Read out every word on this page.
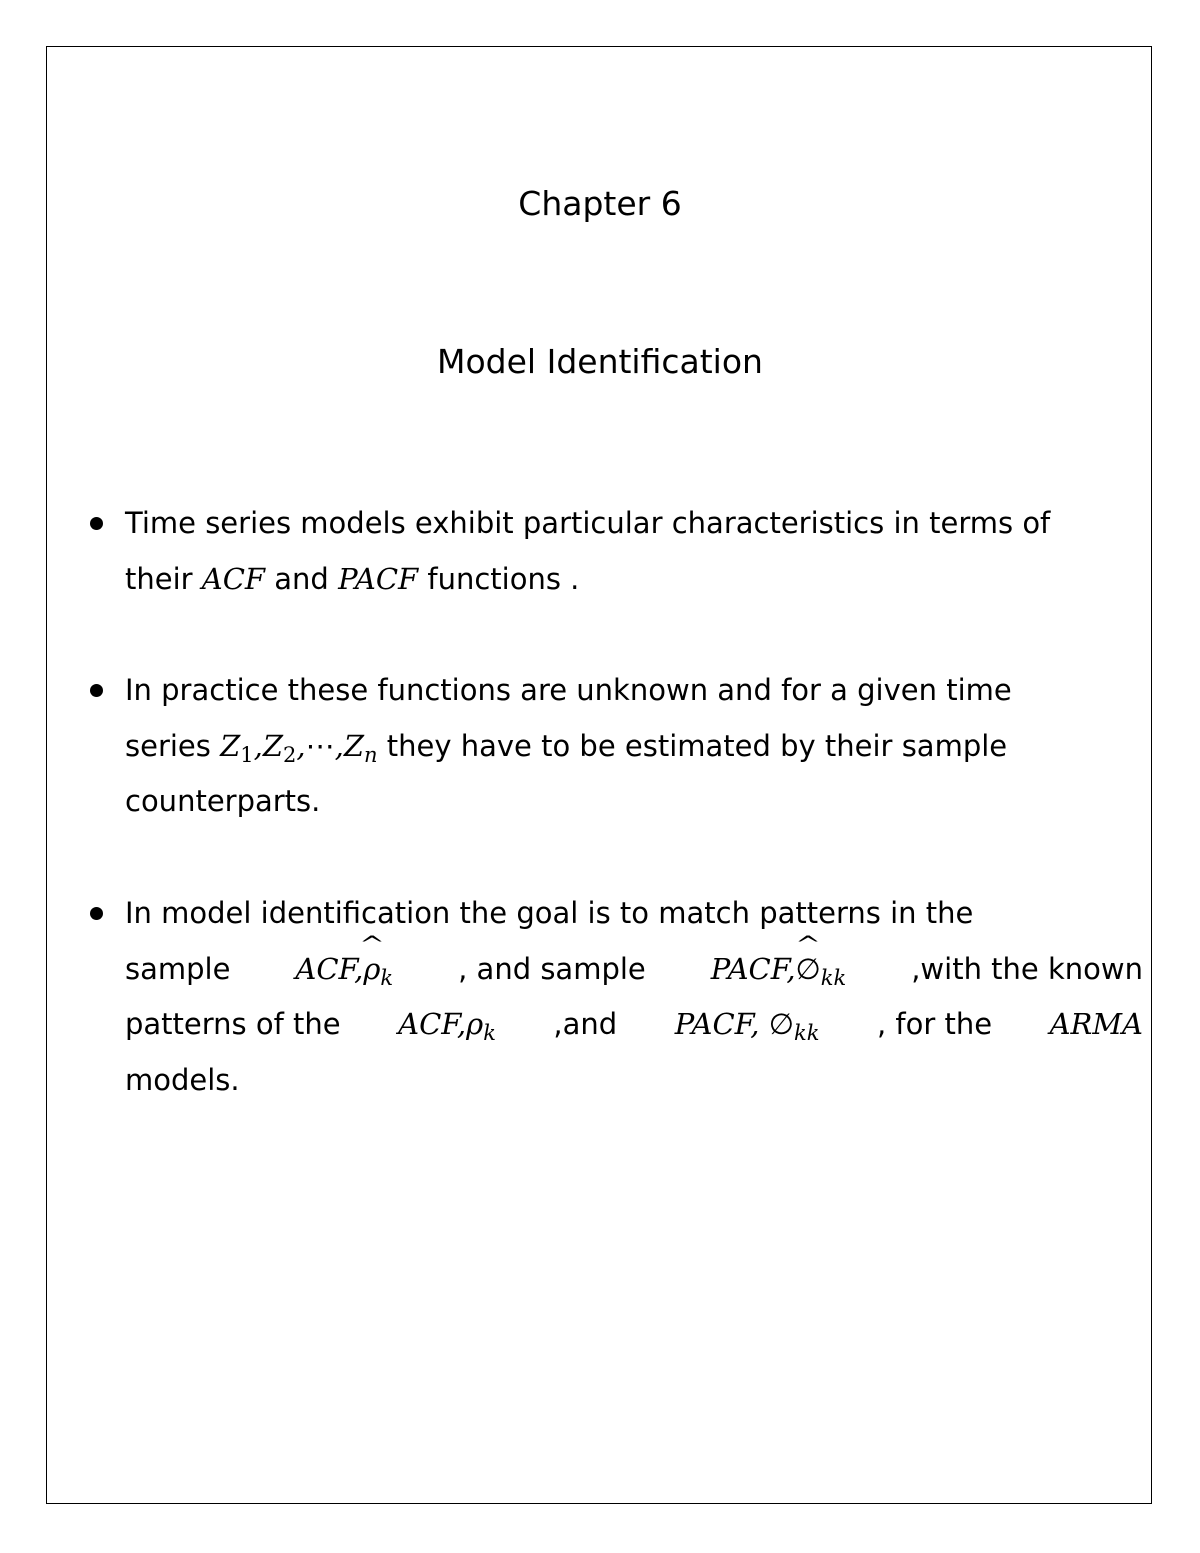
Chapter 6
Model Identification
Time series models exhibit particular characteristics in terms of
their ACF and PACF functions .
In practice these functions are unknown and for a given time
series $Z_1,Z_2,\cdots,Z_n$ they have to be estimated by their sample
counterparts.
In model identification the goal is to match patterns in the

sample ACF,^ $\rho_k$ , and sample PACF,^ $\emptyset_{kk}$ ,with the known
patterns of the $ACF,\rho_k$ ,and PACF, $\emptyset_{kk}$ , for the ARMA
models.
